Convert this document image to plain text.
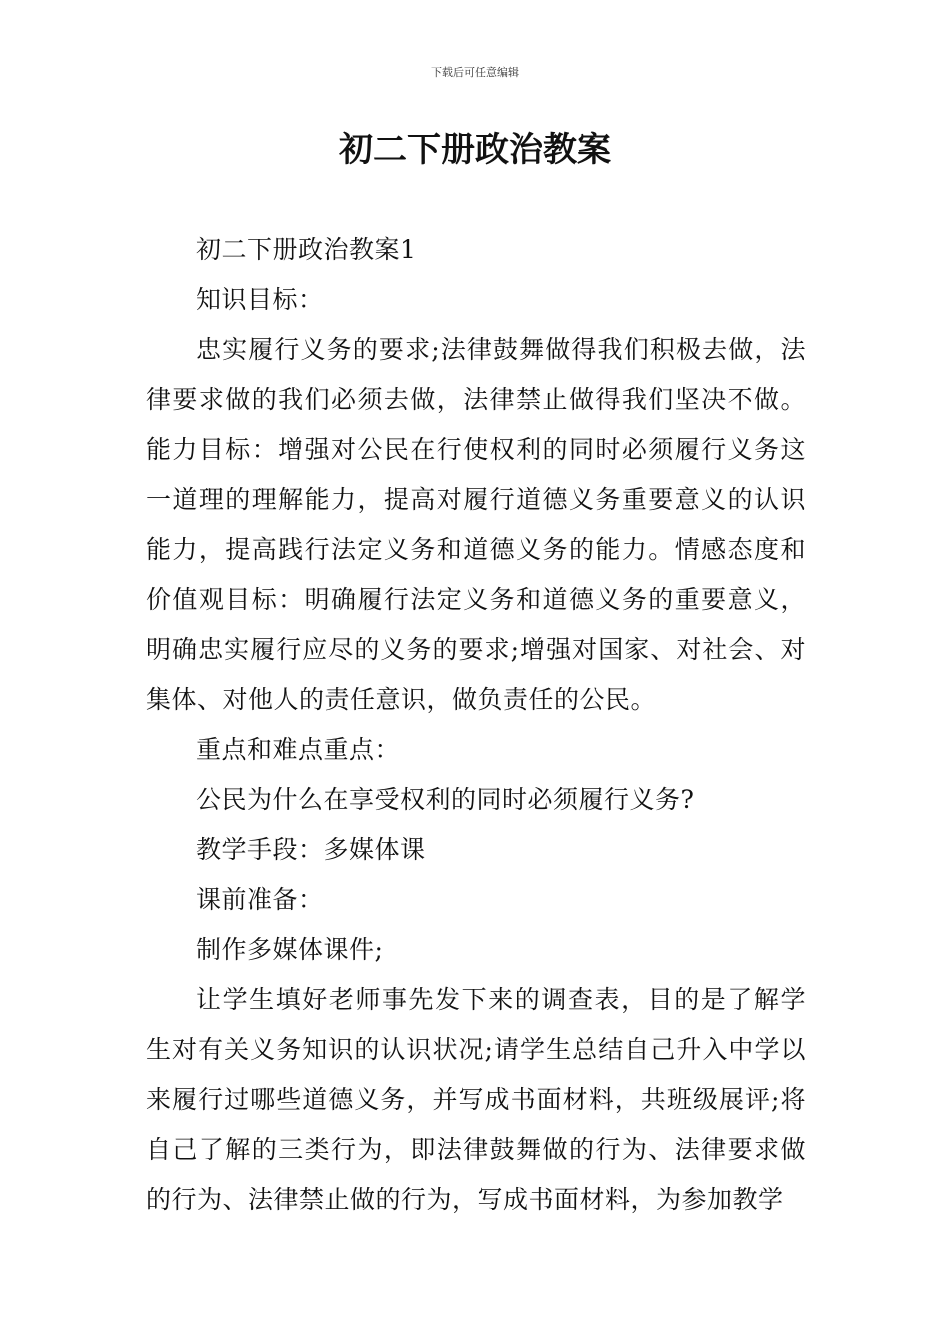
下载后可任意编辑
初二下册政治教案

初二下册政治教案1

知识目标：

忠实履行义务的要求;法律鼓舞做得我们积极去做，法律要求做的我们必须去做，法律禁止做得我们坚决不做。能力目标：增强对公民在行使权利的同时必须履行义务这一道理的理解能力，提高对履行道德义务重要意义的认识能力，提高践行法定义务和道德义务的能力。情感态度和价值观目标：明确履行法定义务和道德义务的重要意义，明确忠实履行应尽的义务的要求;增强对国家、对社会、对集体、对他人的责任意识，做负责任的公民。

重点和难点重点：

公民为什么在享受权利的同时必须履行义务?

教学手段：多媒体课

课前准备：

制作多媒体课件;

让学生填好老师事先发下来的调查表，目的是了解学生对有关义务知识的认识状况;请学生总结自己升入中学以来履行过哪些道德义务，并写成书面材料，共班级展评;将自己了解的三类行为，即法律鼓舞做的行为、法律要求做的行为、法律禁止做的行为，写成书面材料，为参加教学
